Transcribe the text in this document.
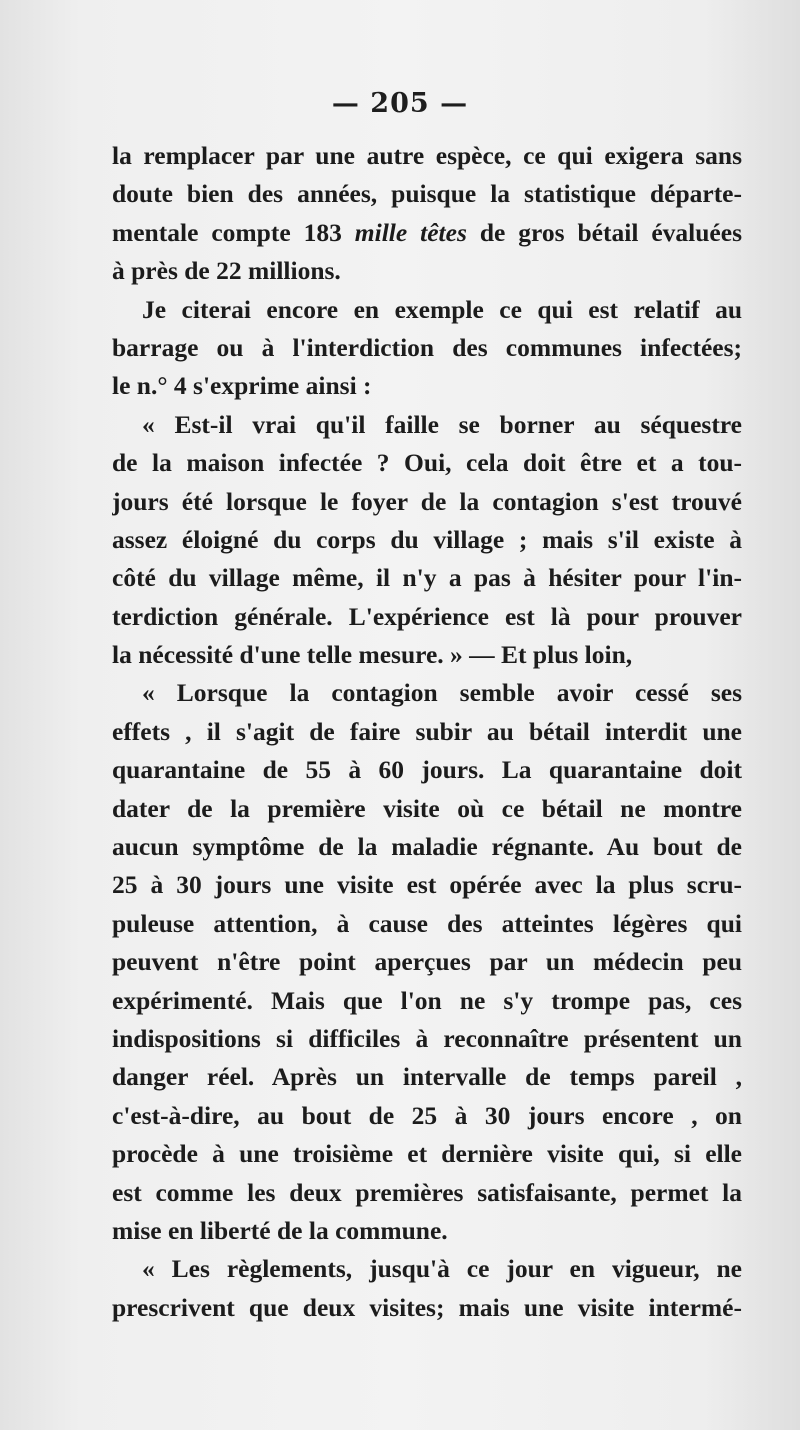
— 205 —
la remplacer par une autre espèce, ce qui exigera sans
doute bien des années, puisque la statistique départe-
mentale compte 183 mille têtes de gros bétail évaluées
à près de 22 millions.
Je citerai encore en exemple ce qui est relatif au
barrage ou à l'interdiction des communes infectées;
le n.° 4 s'exprime ainsi :
« Est-il vrai qu'il faille se borner au séquestre
de la maison infectée ? Oui, cela doit être et a tou-
jours été lorsque le foyer de la contagion s'est trouvé
assez éloigné du corps du village ; mais s'il existe à
côté du village même, il n'y a pas à hésiter pour l'in-
terdiction générale. L'expérience est là pour prouver
la nécessité d'une telle mesure. » — Et plus loin,
« Lorsque la contagion semble avoir cessé ses
effets , il s'agit de faire subir au bétail interdit une
quarantaine de 55 à 60 jours. La quarantaine doit
dater de la première visite où ce bétail ne montre
aucun symptôme de la maladie régnante. Au bout de
25 à 30 jours une visite est opérée avec la plus scru-
puleuse attention, à cause des atteintes légères qui
peuvent n'être point aperçues par un médecin peu
expérimenté. Mais que l'on ne s'y trompe pas, ces
indispositions si difficiles à reconnaître présentent un
danger réel. Après un intervalle de temps pareil ,
c'est-à-dire, au bout de 25 à 30 jours encore , on
procède à une troisième et dernière visite qui, si elle
est comme les deux premières satisfaisante, permet la
mise en liberté de la commune.
« Les règlements, jusqu'à ce jour en vigueur, ne
prescrivent que deux visites; mais une visite intermé-
